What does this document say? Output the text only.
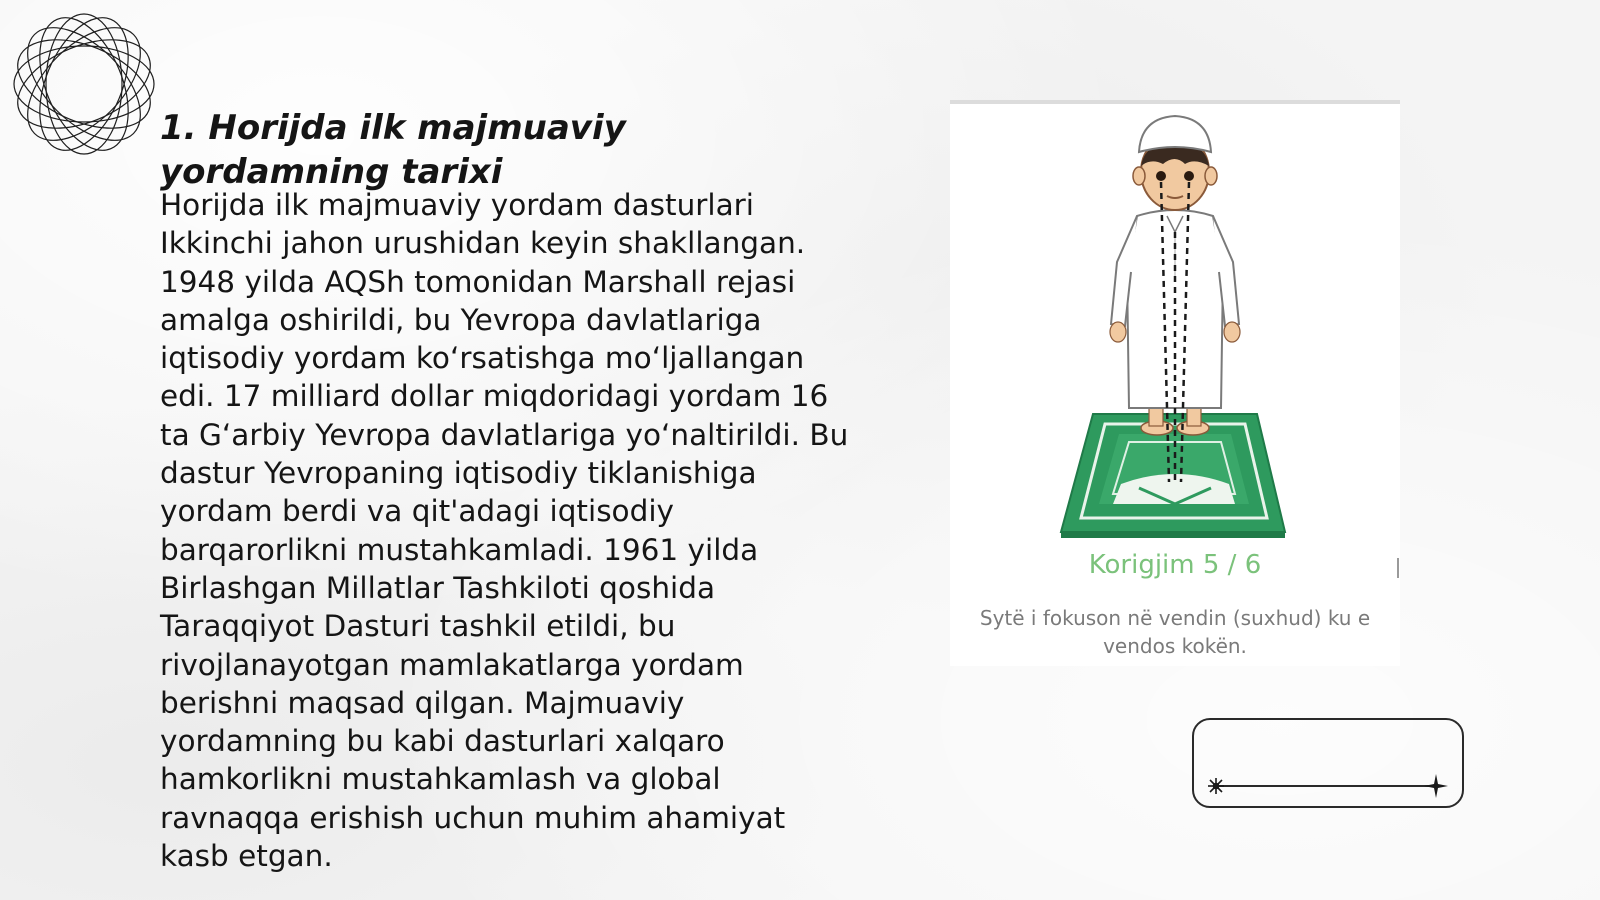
1. Horijda ilk majmuaviy yordamning tarixi

Horijda ilk majmuaviy yordam dasturlari Ikkinchi jahon urushidan keyin shakllangan. 1948 yilda AQSh tomonidan Marshall rejasi amalga oshirildi, bu Yevropa davlatlariga iqtisodiy yordam koʻrsatishga moʻljallangan edi. 17 milliard dollar miqdoridagi yordam 16 ta Gʻarbiy Yevropa davlatlariga yoʻnaltirildi. Bu dastur Yevropaning iqtisodiy tiklanishiga yordam berdi va qit'adagi iqtisodiy barqarorlikni mustahkamladi. 1961 yilda Birlashgan Millatlar Tashkiloti qoshida Taraqqiyot Dasturi tashkil etildi, bu rivojlanayotgan mamlakatlarga yordam berishni maqsad qilgan. Majmuaviy yordamning bu kabi dasturlari xalqaro hamkorlikni mustahkamlash va global ravnaqqa erishish uchun muhim ahamiyat kasb etgan.

Korigjim 5 / 6
Sytë i fokuson në vendin (suxhud) ku e vendos kokën.
